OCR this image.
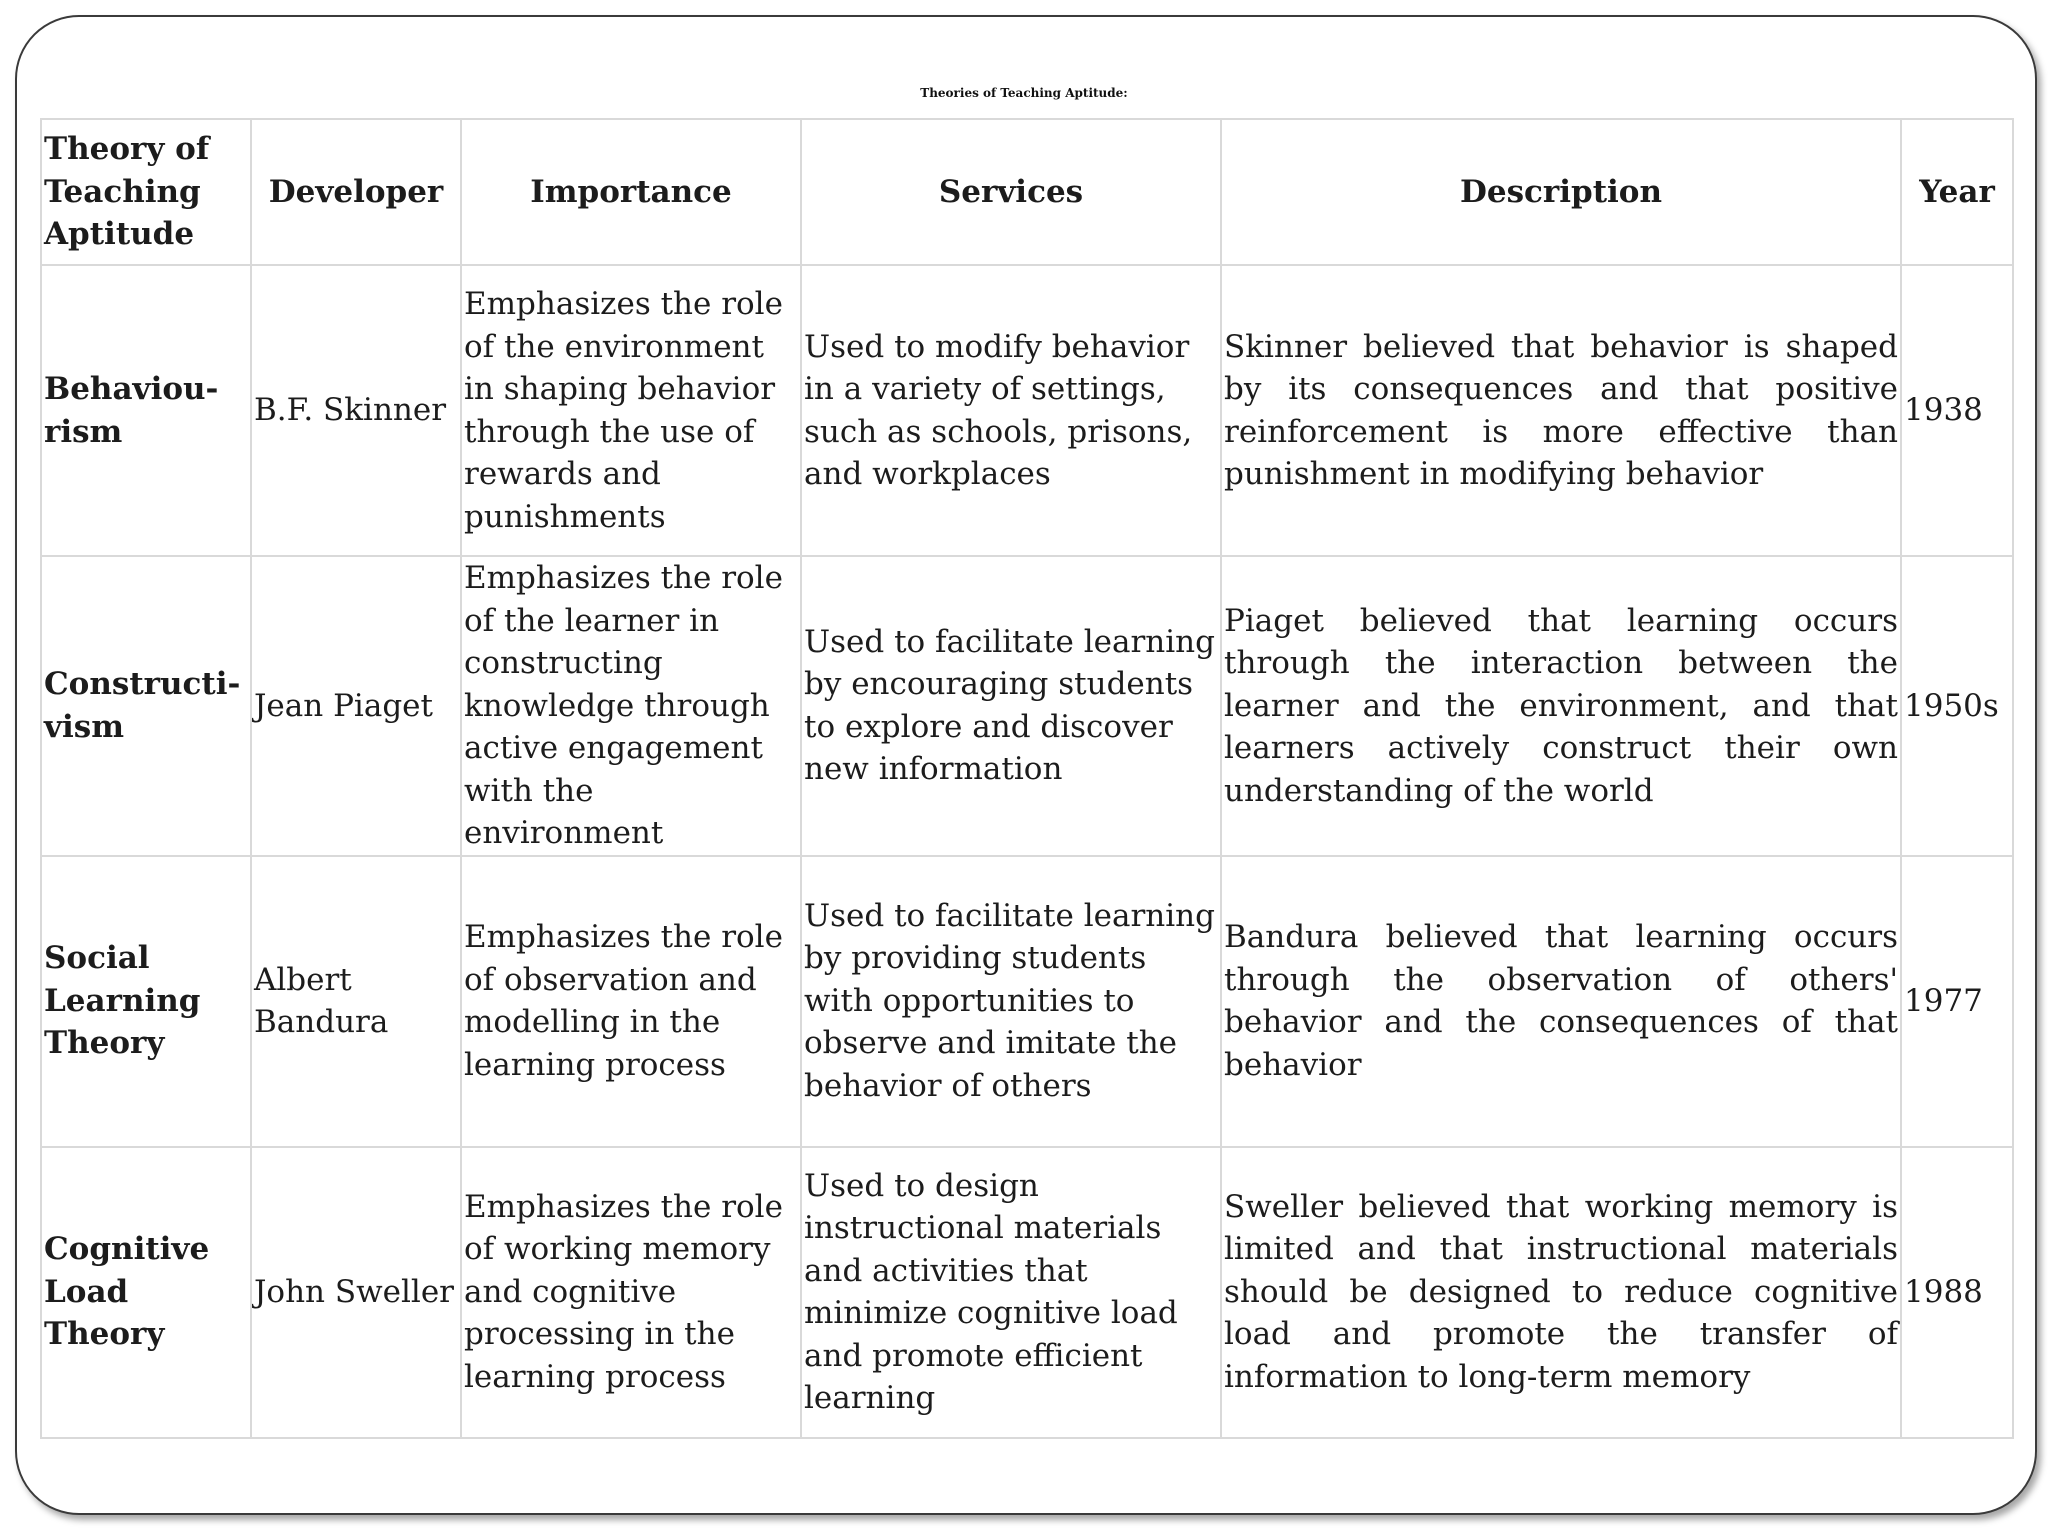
Theories of Teaching Aptitude:
Theory of Teaching Aptitude	Developer	Importance	Services	Description	Year
Behaviou-rism	B.F. Skinner	Emphasizes the role of the environment in shaping behavior through the use of rewards and punishments	Used to modify behavior in a variety of settings, such as schools, prisons, and workplaces	Skinner believed that behavior is shaped by its consequences and that positive reinforcement is more effective than punishment in modifying behavior	1938
Constructi-vism	Jean Piaget	Emphasizes the role of the learner in constructing knowledge through active engagement with the environment	Used to facilitate learning by encouraging students to explore and discover new information	Piaget believed that learning occurs through the interaction between the learner and the environment, and that learners actively construct their own understanding of the world	1950s
Social Learning Theory	Albert Bandura	Emphasizes the role of observation and modelling in the learning process	Used to facilitate learning by providing students with opportunities to observe and imitate the behavior of others	Bandura believed that learning occurs through the observation of others' behavior and the consequences of that behavior	1977
Cognitive Load Theory	John Sweller	Emphasizes the role of working memory and cognitive processing in the learning process	Used to design instructional materials and activities that minimize cognitive load and promote efficient learning	Sweller believed that working memory is limited and that instructional materials should be designed to reduce cognitive load and promote the transfer of information to long-term memory	1988
